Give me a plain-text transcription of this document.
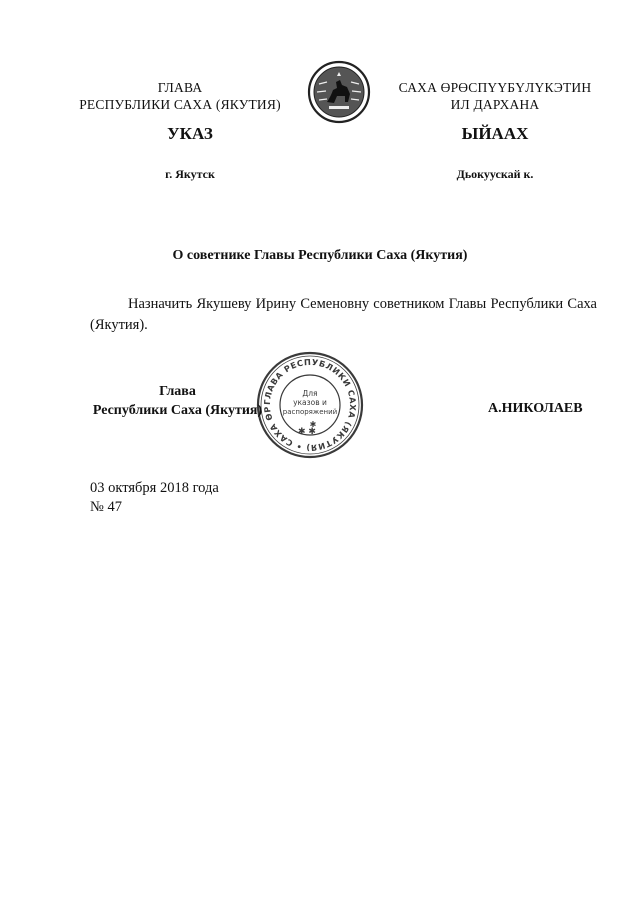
ГЛАВА
РЕСПУБЛИКИ САХА (ЯКУТИЯ)
САХА ӨРӨСПҮҮБҮЛҮКЭТИН
ИЛ ДАРХАНА
УКАЗ	ЫЙААХ
г. Якутск	Дьокуускай к.
О советнике Главы Республики Саха (Якутия)
Назначить Якушеву Ирину Семеновну советником Главы Республики Саха (Якутия).
ГЛАВА РЕСПУБЛИКИ САХА (ЯКУТИЯ) • САХА ӨР
Для
указов и
распоряжений
✱ ✱
✱
Глава
Республики Саха (Якутия)	А.НИКОЛАЕВ
03 октября 2018 года
№ 47
